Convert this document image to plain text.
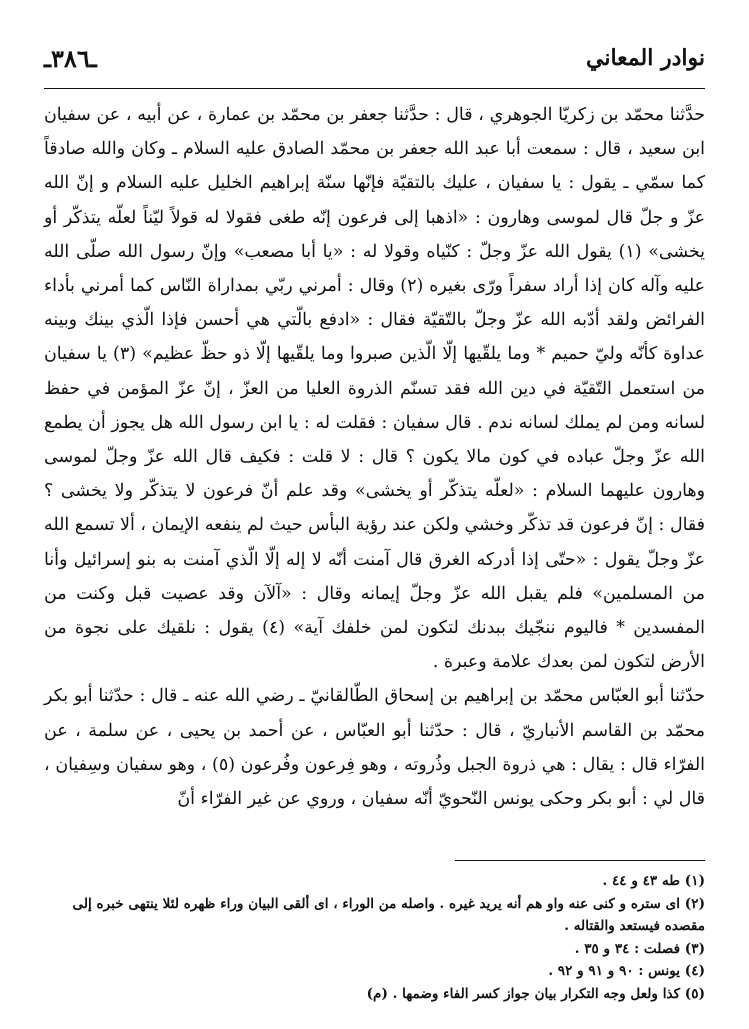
نوادر المعاني
ـ٣٨٦ـ

حدَّثنا محمّد بن زكريّا الجوهري ، قال : حدَّثنا جعفر بن محمّد بن عمارة ، عن أبيه ، عن سفيان ابن سعيد ، قال : سمعت أبا عبد الله جعفر بن محمّد الصادق عليه السلام ـ وكان والله صادقاً كما سمّي ـ يقول : يا سفيان ، عليك بالتقيّة فإنّها سنّة إبراهيم الخليل عليه السلام و إنّ الله عزّ و جلّ قال لموسى وهارون : «اذهبا إلى فرعون إنّه طغى فقولا له قولاً ليّناً لعلّه يتذكّر أو يخشى» (١) يقول الله عزّ وجلّ : كنّياه وقولا له : «يا أبا مصعب» وإنّ رسول الله صلّى الله عليه وآله كان إذا أراد سفراً ورّى بغيره (٢) وقال : أمرني ربّي بمداراة النّاس كما أمرني بأداء الفرائض ولقد أدّبه الله عزّ وجلّ بالتّقيّة فقال : «ادفع بالّتي هي أحسن فإذا الّذي بينك وبينه عداوة كأنّه وليّ حميم * وما يلقّيها إلّا الّذين صبروا وما يلقّيها إلّا ذو حظّ عظيم» (٣) يا سفيان من استعمل التّقيّة في دين الله فقد تسنّم الذروة العليا من العزّ ، إنّ عزّ المؤمن في حفظ لسانه ومن لم يملك لسانه ندم . قال سفيان : فقلت له : يا ابن رسول الله هل يجوز أن يطمع الله عزّ وجلّ عباده في كون مالا يكون ؟ قال : لا قلت : فكيف قال الله عزّ وجلّ لموسى وهارون عليهما السلام : «لعلّه يتذكّر أو يخشى» وقد علم أنّ فرعون لا يتذكّر ولا يخشى ؟ فقال : إنّ فرعون قد تذكّر وخشي ولكن عند رؤية البأس حيث لم ينفعه الإيمان ، ألا تسمع الله عزّ وجلّ يقول : «حتّى إذا أدركه الغرق قال آمنت أنّه لا إله إلّا الّذي آمنت به بنو إسرائيل وأنا من المسلمين» فلم يقبل الله عزّ وجلّ إيمانه وقال : «آلآن وقد عصيت قبل وكنت من المفسدين * فاليوم ننجّيك ببدنك لتكون لمن خلفك آية» (٤) يقول : نلقيك على نجوة من الأرض لتكون لمن بعدك علامة وعبرة .

حدّثنا أبو العبّاس محمّد بن إبراهيم بن إسحاق الطّالقانيّ ـ رضي الله عنه ـ قال : حدّثنا أبو بكر محمّد بن القاسم الأنباريّ ، قال : حدّثنا أبو العبّاس ، عن أحمد بن يحيى ، عن سلمة ، عن الفرّاء قال : يقال : هي ذروة الجبل وذُروته ، وهو فِرعون وفُرعون (٥) ، وهو سفيان وسِفيان ، قال لي : أبو بكر وحكى يونس النّحويّ أنّه سفيان ، وروي عن غير الفرّاء أنّ

(١) طه ٤٣ و ٤٤ .

(٢) اى ستره و كنى عنه واو هم أنه يريد غيره . واصله من الوراء ، اى ألقى البيان وراء ظهره لئلا ينتهى خبره إلى مقصده فيستعد والقتاله .

(٣) فصلت : ٣٤ و ٣٥ .

(٤) يونس : ٩٠ و ٩١ و ٩٢ .

(٥) كذا ولعل وجه التكرار بيان جواز كسر الفاء وضمها . (م)
